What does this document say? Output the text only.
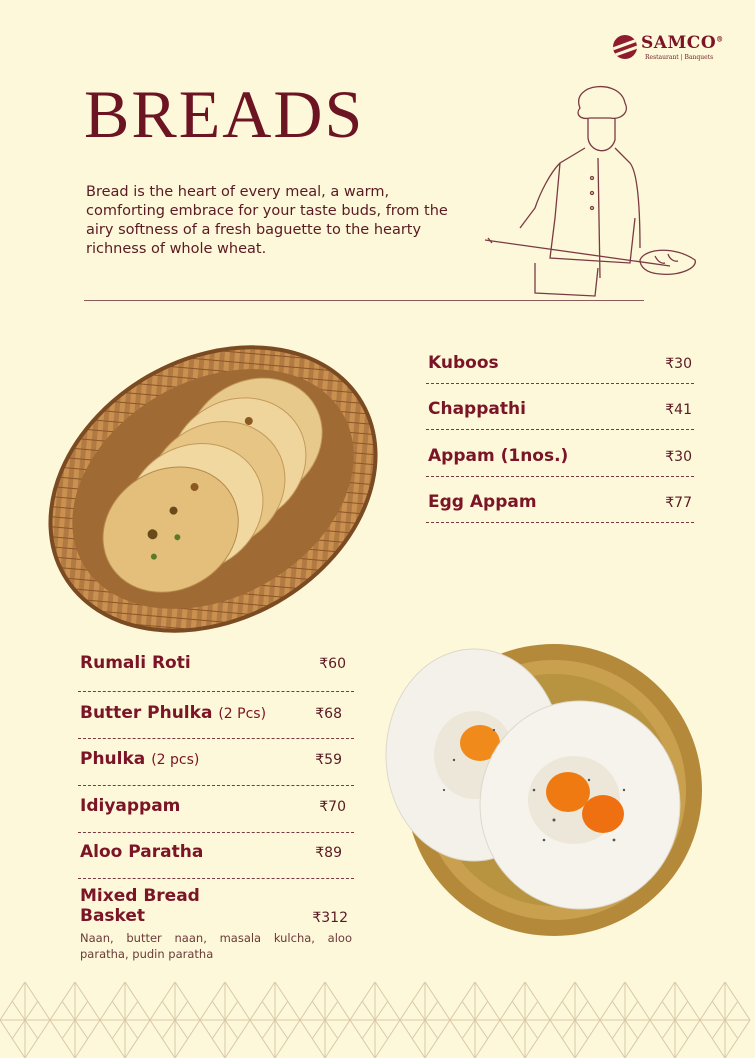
SAMCO®
Restaurant | Banquets
BREADS
Bread is the heart of every meal, a warm, comforting embrace for your taste buds, from the airy softness of a fresh baguette to the hearty richness of whole wheat.
Kuboos	₹30
Chappathi	₹41
Appam (1nos.)	₹30
Egg Appam	₹77
Rumali Roti	₹60
Butter Phulka (2 Pcs)	₹68
Phulka (2 pcs)	₹59
Idiyappam	₹70
Aloo Paratha	₹89
Mixed Bread
Basket	₹312
Naan, butter naan, masala kulcha, aloo paratha, pudin paratha
